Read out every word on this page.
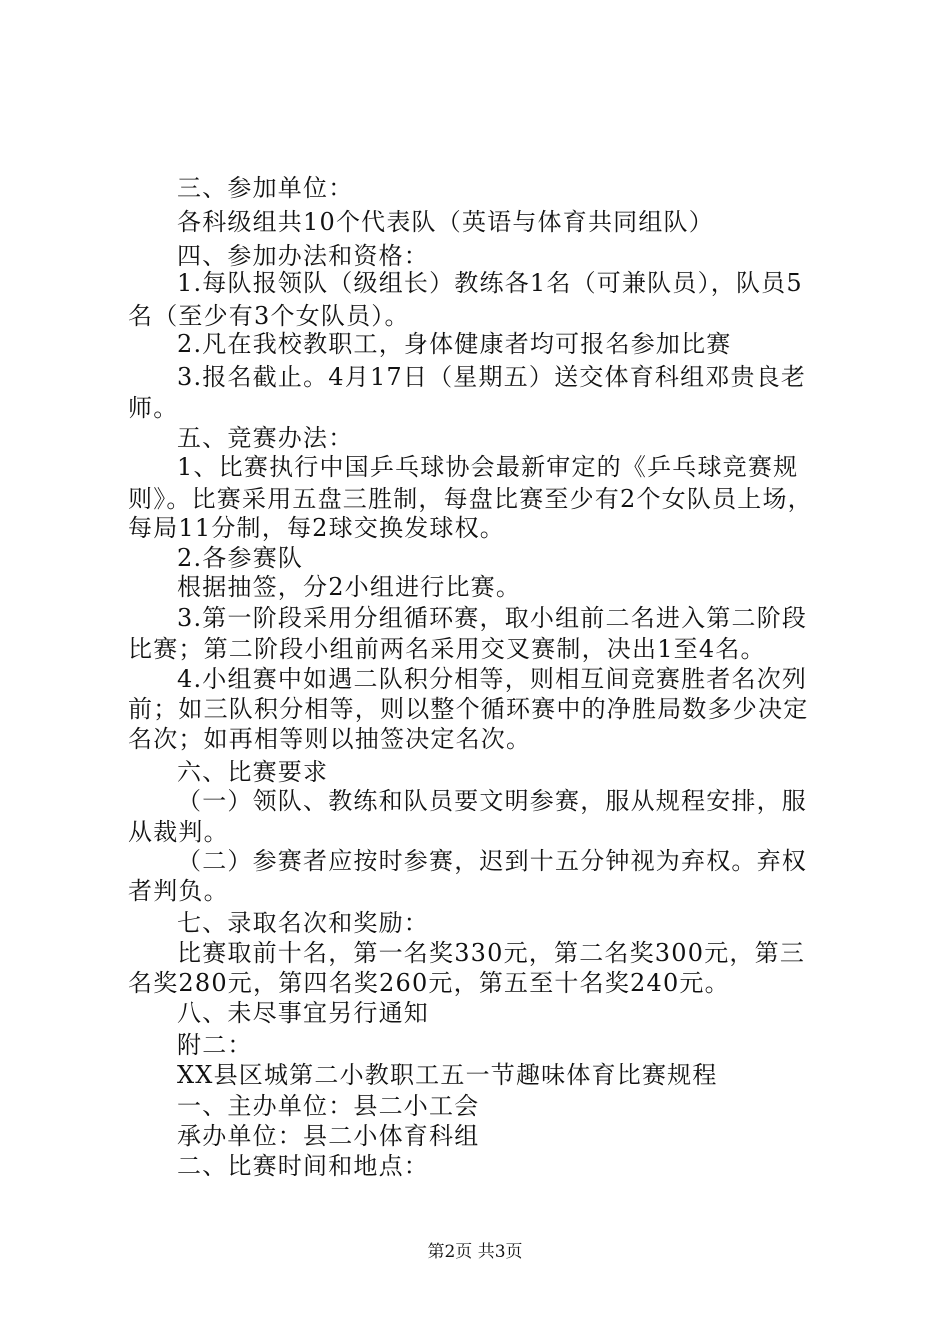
三、参加单位：
各科级组共10个代表队（英语与体育共同组队）
四、参加办法和资格：
1.每队报领队（级组长）教练各1名（可兼队员），队员5
名（至少有3个女队员）。
2.凡在我校教职工，身体健康者均可报名参加比赛
3.报名截止。4月17日（星期五）送交体育科组邓贵良老
师。
五、竞赛办法：
1、比赛执行中国乒乓球协会最新审定的《乒乓球竞赛规
则》。比赛采用五盘三胜制，每盘比赛至少有2个女队员上场，
每局11分制，每2球交换发球权。
2.各参赛队
根据抽签，分2小组进行比赛。
3.第一阶段采用分组循环赛，取小组前二名进入第二阶段
比赛；第二阶段小组前两名采用交叉赛制，决出1至4名。
4.小组赛中如遇二队积分相等，则相互间竞赛胜者名次列
前；如三队积分相等，则以整个循环赛中的净胜局数多少决定
名次；如再相等则以抽签决定名次。
六、比赛要求
（一）领队、教练和队员要文明参赛，服从规程安排，服
从裁判。
（二）参赛者应按时参赛，迟到十五分钟视为弃权。弃权
者判负。
七、录取名次和奖励：
比赛取前十名，第一名奖330元，第二名奖300元，第三
名奖280元，第四名奖260元，第五至十名奖240元。
八、未尽事宜另行通知
附二：
XX县区城第二小教职工五一节趣味体育比赛规程
一、主办单位：县二小工会
承办单位：县二小体育科组
二、比赛时间和地点：
第2页 共3页
